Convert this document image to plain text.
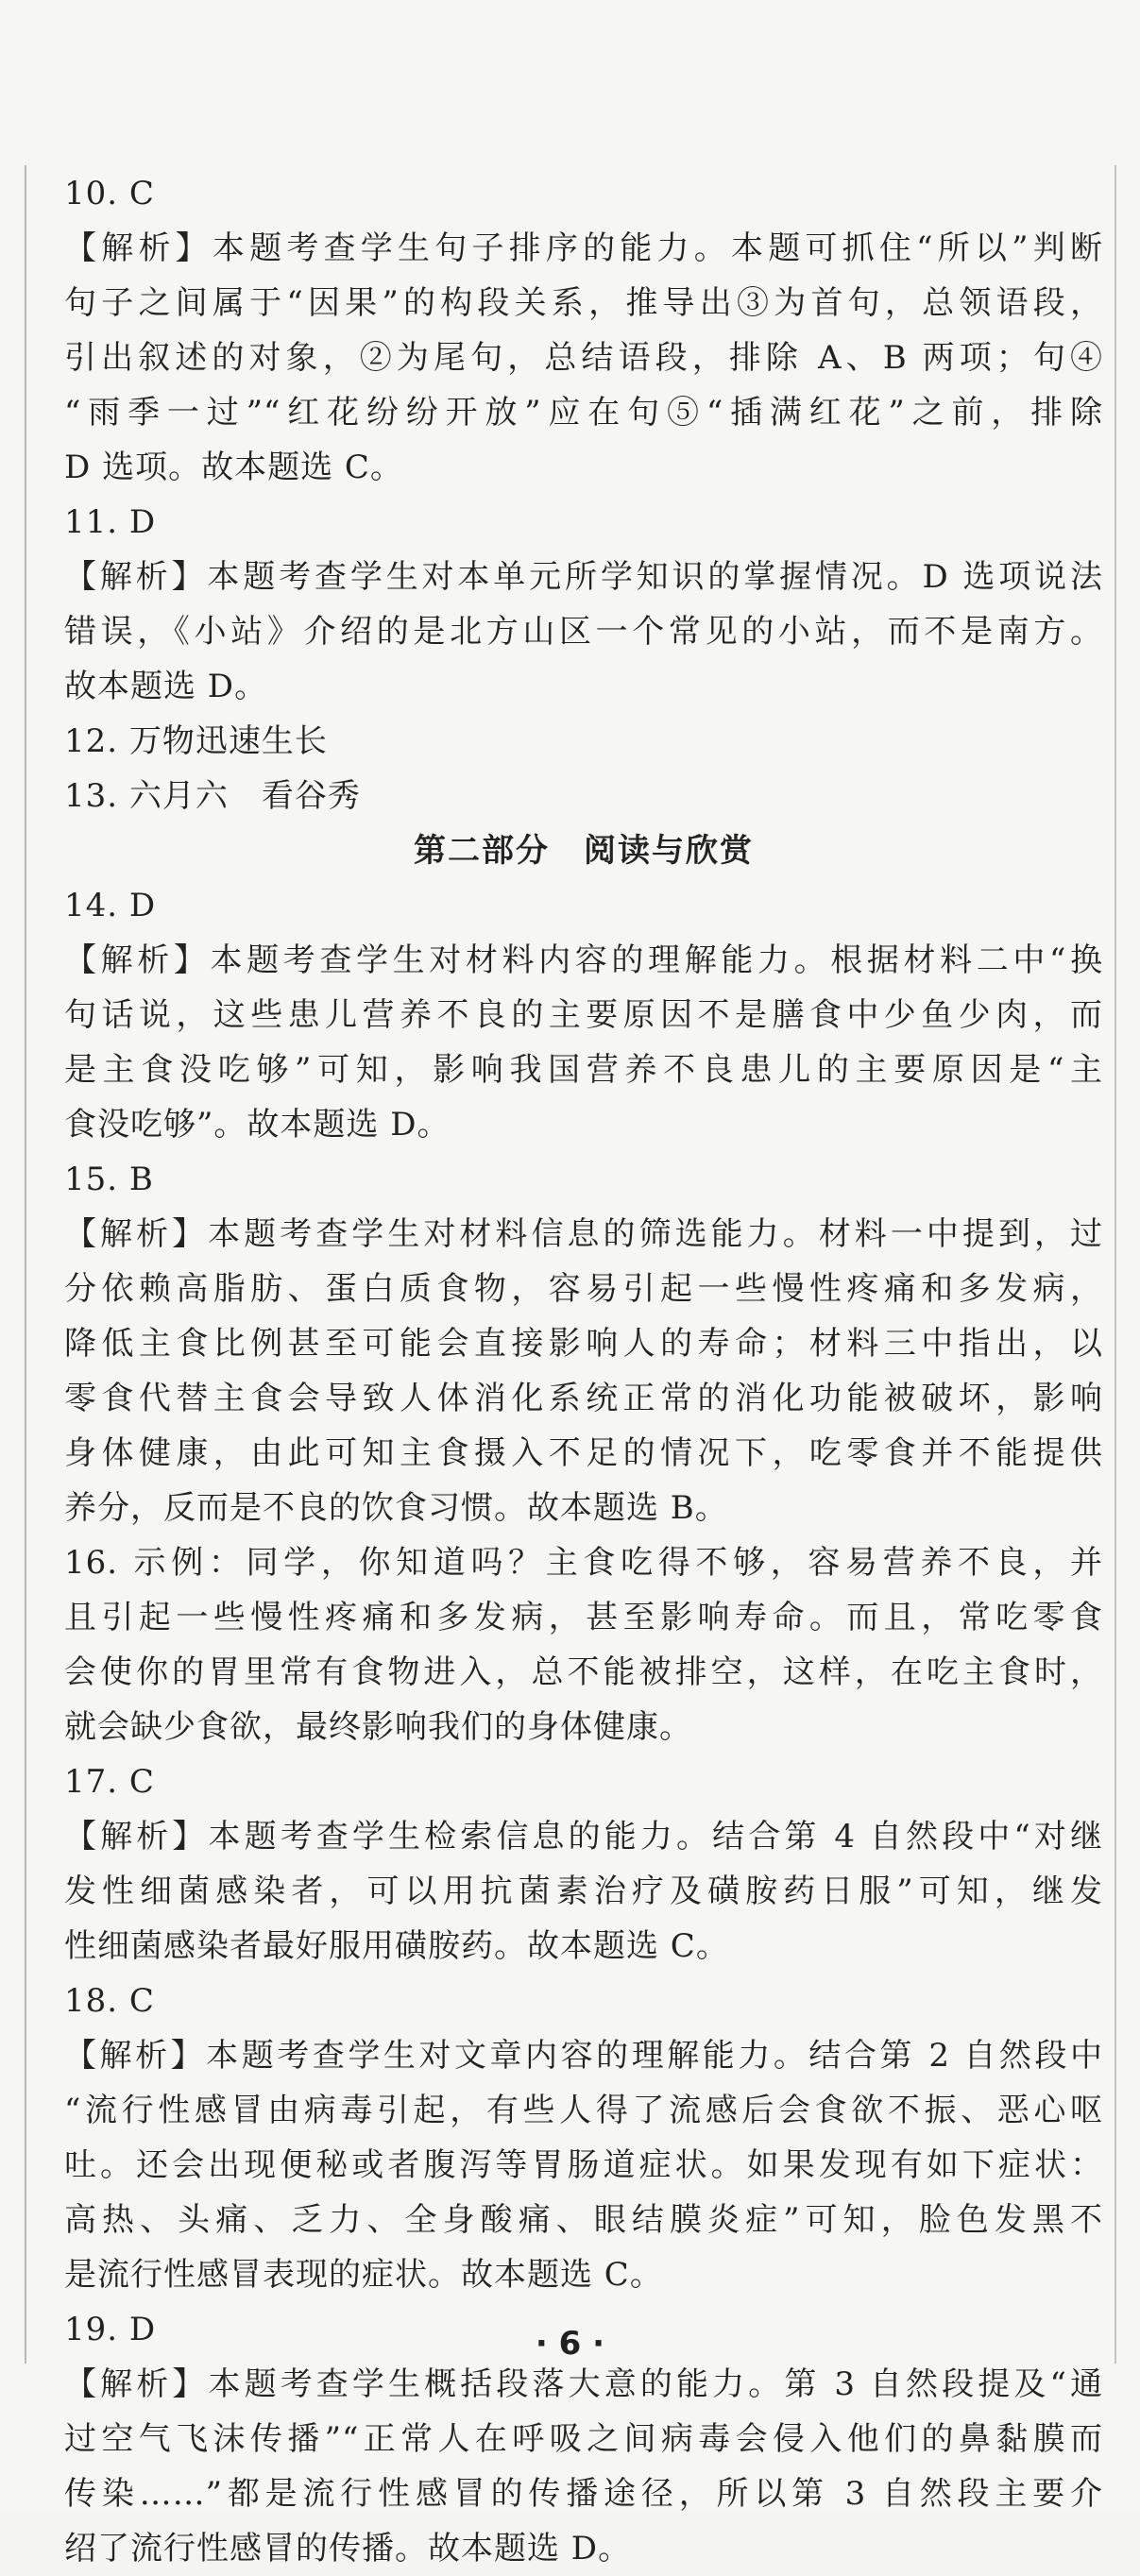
10. C
【解析】本题考查学生句子排序的能力。本题可抓住“所以”判断
句子之间属于“因果”的构段关系，推导出③为首句，总领语段，
引出叙述的对象，②为尾句，总结语段，排除 A、B 两项；句④
“雨季一过”“红花纷纷开放”应在句⑤“插满红花”之前，排除
D 选项。故本题选 C。
11. D
【解析】本题考查学生对本单元所学知识的掌握情况。D 选项说法
错误，《小站》介绍的是北方山区一个常见的小站，而不是南方。
故本题选 D。
12. 万物迅速生长
13. 六月六　看谷秀
第二部分　阅读与欣赏
14. D
【解析】本题考查学生对材料内容的理解能力。根据材料二中“换
句话说，这些患儿营养不良的主要原因不是膳食中少鱼少肉，而
是主食没吃够”可知，影响我国营养不良患儿的主要原因是“主
食没吃够”。故本题选 D。
15. B
【解析】本题考查学生对材料信息的筛选能力。材料一中提到，过
分依赖高脂肪、蛋白质食物，容易引起一些慢性疼痛和多发病，
降低主食比例甚至可能会直接影响人的寿命；材料三中指出，以
零食代替主食会导致人体消化系统正常的消化功能被破坏，影响
身体健康，由此可知主食摄入不足的情况下，吃零食并不能提供
养分，反而是不良的饮食习惯。故本题选 B。
16. 示例：同学，你知道吗？主食吃得不够，容易营养不良，并
且引起一些慢性疼痛和多发病，甚至影响寿命。而且，常吃零食
会使你的胃里常有食物进入，总不能被排空，这样，在吃主食时，
就会缺少食欲，最终影响我们的身体健康。
17. C
【解析】本题考查学生检索信息的能力。结合第 4 自然段中“对继
发性细菌感染者，可以用抗菌素治疗及磺胺药日服”可知，继发
性细菌感染者最好服用磺胺药。故本题选 C。
18. C
【解析】本题考查学生对文章内容的理解能力。结合第 2 自然段中
“流行性感冒由病毒引起，有些人得了流感后会食欲不振、恶心呕
吐。还会出现便秘或者腹泻等胃肠道症状。如果发现有如下症状：
高热、头痛、乏力、全身酸痛、眼结膜炎症”可知，脸色发黑不
是流行性感冒表现的症状。故本题选 C。
19. D
【解析】本题考查学生概括段落大意的能力。第 3 自然段提及“通
过空气飞沫传播”“正常人在呼吸之间病毒会侵入他们的鼻黏膜而
传染……”都是流行性感冒的传播途径，所以第 3 自然段主要介
绍了流行性感冒的传播。故本题选 D。
· 6 ·
